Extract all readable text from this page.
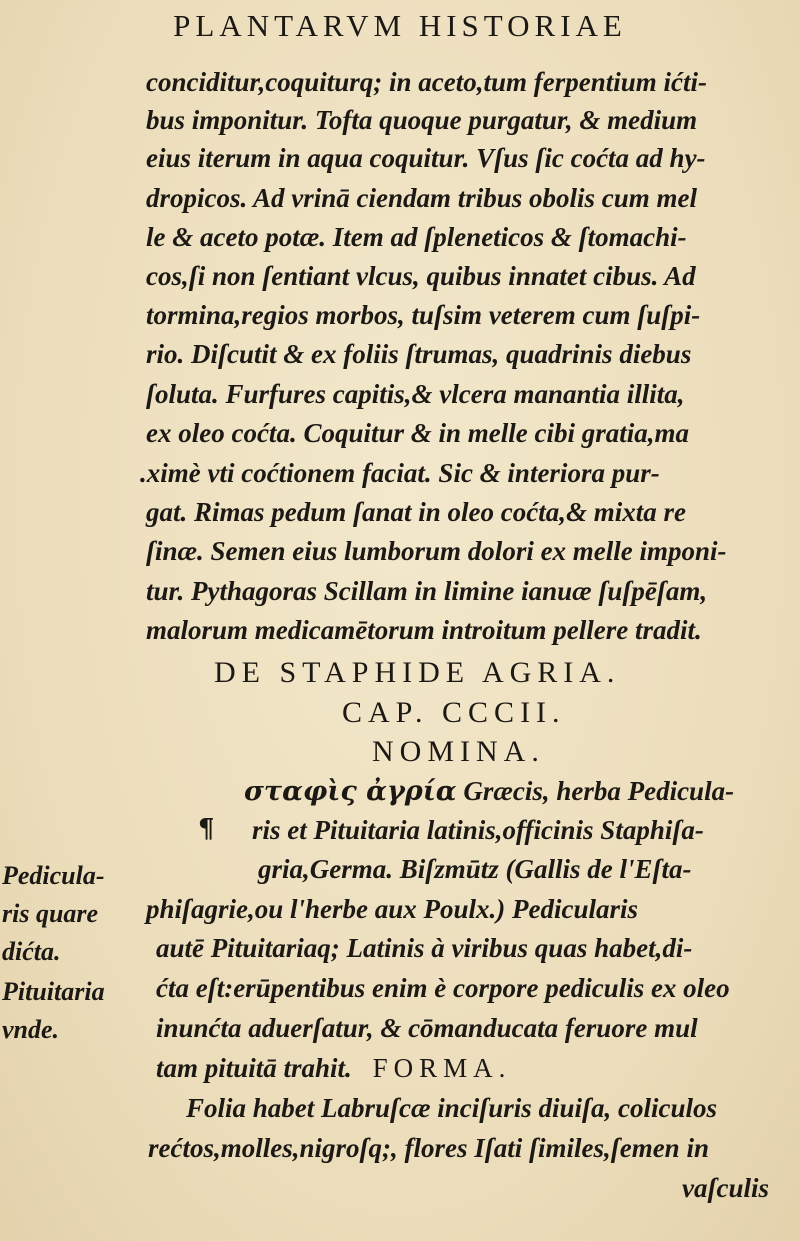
PLANTARVM HISTORIAE
conciditur,coquiturq; in aceto,tum ferpentium ićti-
bus imponitur. Tofta quoque purgatur, & medium
eius iterum in aqua coquitur. Vſus ſic coćta ad hy-
dropicos. Ad vrinā ciendam tribus obolis cum mel
le & aceto potæ. Item ad ſpleneticos & ſtomachi-
cos,ſi non ſentiant vlcus, quibus innatet cibus. Ad
tormina,regios morbos, tuſsim veterem cum ſuſpi-
rio. Diſcutit & ex foliis ſtrumas, quadrinis diebus
ſoluta. Furfures capitis,& vlcera manantia illita,
ex oleo coćta. Coquitur & in melle cibi gratia,ma
.ximè vti coćtionem faciat. Sic & interiora pur-
gat. Rimas pedum ſanat in oleo coćta,& mixta re
ſinæ. Semen eius lumborum dolori ex melle imponi-
tur. Pythagoras Scillam in limine ianuæ ſuſpēſam,
malorum medicamētorum introitum pellere tradit.
DE STAPHIDE AGRIA.
CAP. CCCII.
NOMINA.
σταφὶς ἀγρία Græcis, herba Pedicula-
¶ ris et Pituitaria latinis,officinis Staphiſa-
gria,Germa. Biſzmūtz (Gallis de l'Eſta-
phiſagrie,ou l'herbe aux Poulx.) Pedicularis
autē Pituitariaq; Latinis à viribus quas habet,di-
ćta eſt:erūpentibus enim è corpore pediculis ex oleo
inunćta aduerſatur, & cōmanducata feruore mul
tam pituitā trahit. FORMA.
Folia habet Labruſcæ inciſuris diuiſa, coliculos
rećtos,molles,nigroſq;, flores Iſati ſimiles,ſemen in
vaſculis
Pedicula-
ris quare
dićta.
Pituitaria
vnde.
